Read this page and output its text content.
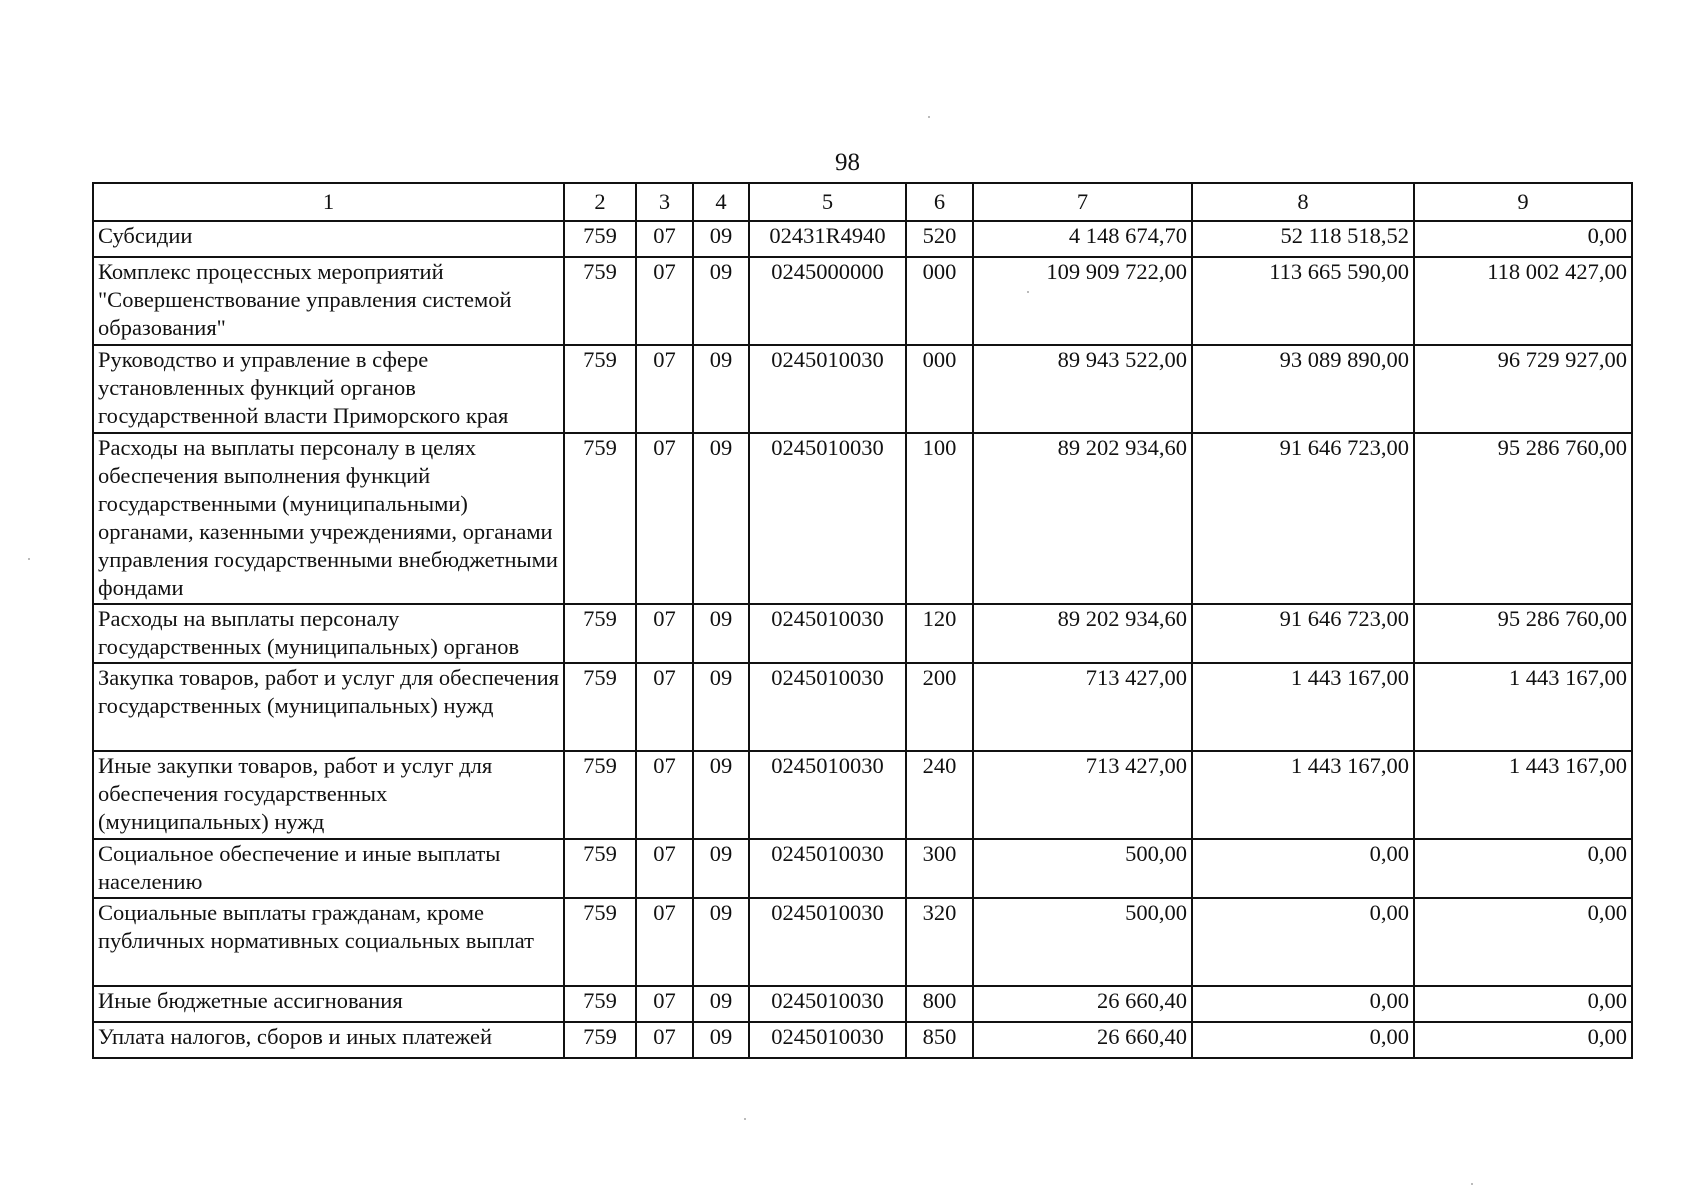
98
1	2	3	4	5	6	7	8	9
Субсидии	759	07	09	02431R4940	520	4 148 674,70	52 118 518,52	0,00
Комплекс процессных мероприятий "Совершенствование управления системой образования"	759	07	09	0245000000	000	109 909 722,00	113 665 590,00	118 002 427,00
Руководство и управление в сфере установленных функций органов государственной власти Приморского края	759	07	09	0245010030	000	89 943 522,00	93 089 890,00	96 729 927,00
Расходы на выплаты персоналу в целях обеспечения выполнения функций государственными (муниципальными) органами, казенными учреждениями, органами управления государственными внебюджетными фондами	759	07	09	0245010030	100	89 202 934,60	91 646 723,00	95 286 760,00
Расходы на выплаты персоналу государственных (муниципальных) органов	759	07	09	0245010030	120	89 202 934,60	91 646 723,00	95 286 760,00
Закупка товаров, работ и услуг для обеспечения государственных (муниципальных) нужд	759	07	09	0245010030	200	713 427,00	1 443 167,00	1 443 167,00
Иные закупки товаров, работ и услуг для обеспечения государственных (муниципальных) нужд	759	07	09	0245010030	240	713 427,00	1 443 167,00	1 443 167,00
Социальное обеспечение и иные выплаты населению	759	07	09	0245010030	300	500,00	0,00	0,00
Социальные выплаты гражданам, кроме публичных нормативных социальных выплат	759	07	09	0245010030	320	500,00	0,00	0,00
Иные бюджетные ассигнования	759	07	09	0245010030	800	26 660,40	0,00	0,00
Уплата налогов, сборов и иных платежей	759	07	09	0245010030	850	26 660,40	0,00	0,00
